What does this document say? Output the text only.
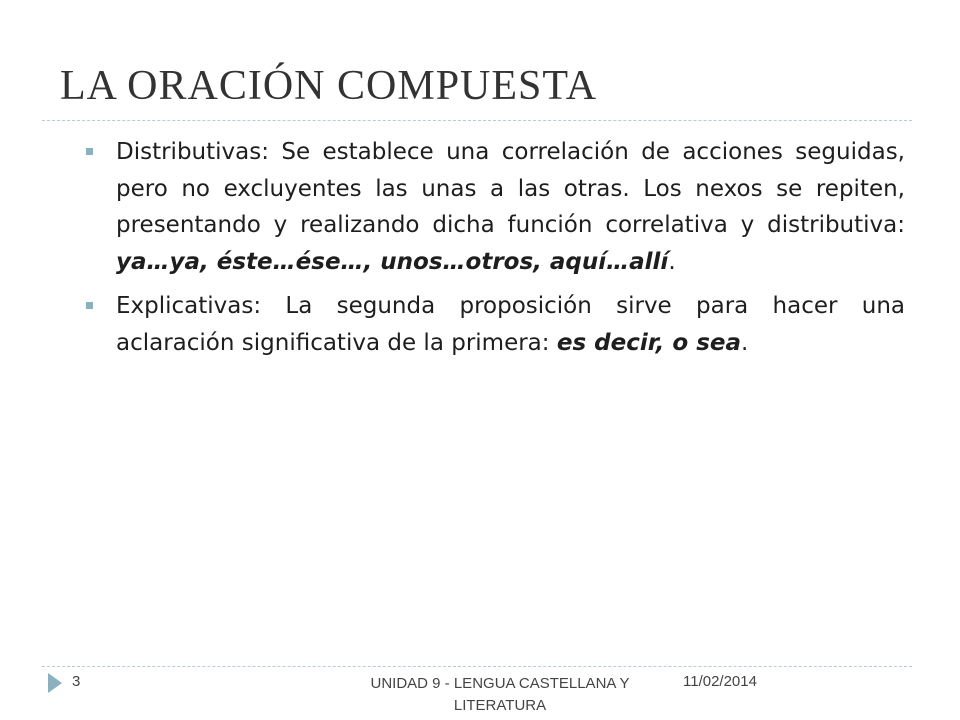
LA ORACIÓN COMPUESTA
Distributivas: Se establece una correlación de acciones seguidas, pero no excluyentes las unas a las otras. Los nexos se repiten, presentando y realizando dicha función correlativa y distributiva: ya…ya, éste…ése…, unos…otros, aquí…allí.
Explicativas: La segunda proposición sirve para hacer una aclaración significativa de la primera: es decir, o sea.
3	UNIDAD 9 - LENGUA CASTELLANA Y
LITERATURA
11/02/2014
